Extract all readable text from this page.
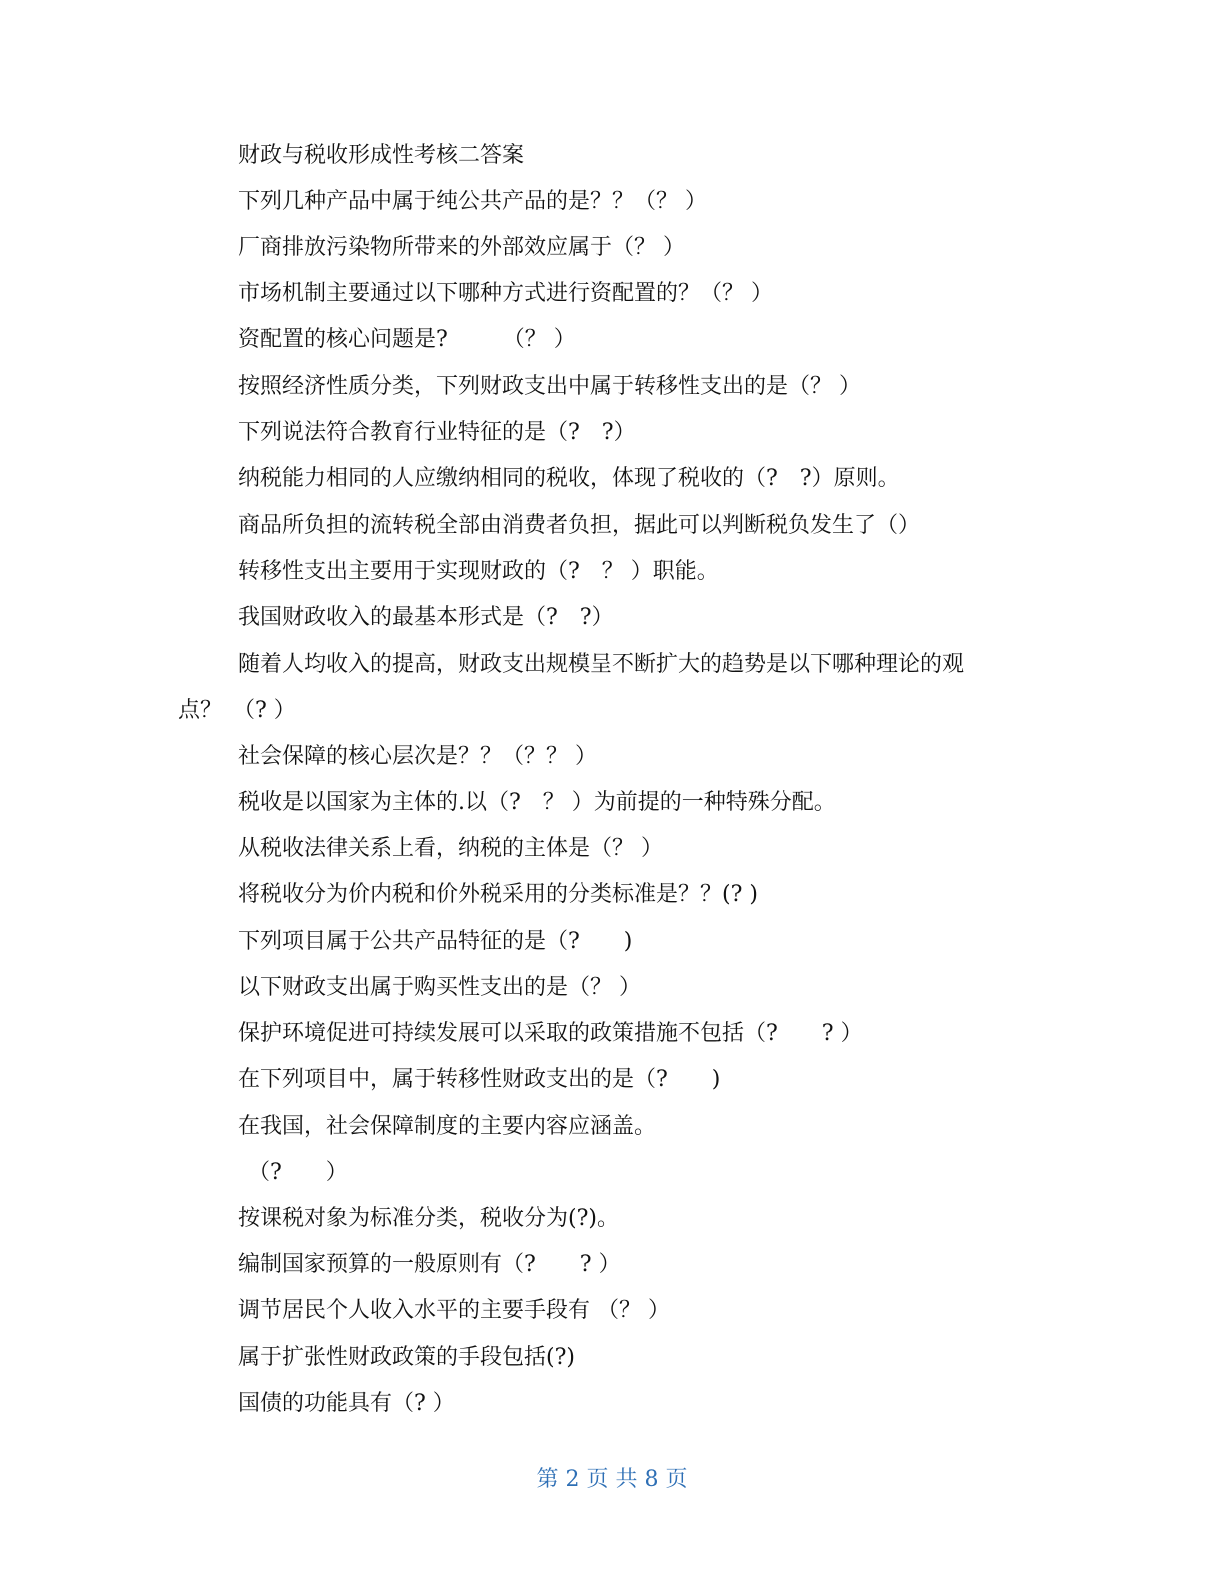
财政与税收形成性考核二答案
下列几种产品中属于纯公共产品的是？？（？ ）
厂商排放污染物所带来的外部效应属于（？ ）
市场机制主要通过以下哪种方式进行资配置的？（？ ）
资配置的核心问题是?　　　（？ ）
按照经济性质分类，下列财政支出中属于转移性支出的是（？ ）
下列说法符合教育行业特征的是（?　?）
纳税能力相同的人应缴纳相同的税收，体现了税收的（?　?）原则。
商品所负担的流转税全部由消费者负担，据此可以判断税负发生了（）
转移性支出主要用于实现财政的（?　？ ）职能。
我国财政收入的最基本形式是（?　?）
随着人均收入的提高，财政支出规模呈不断扩大的趋势是以下哪种理论的观
点？　（? ）
社会保障的核心层次是？？（？？ ）
税收是以国家为主体的.以（?　？ ）为前提的一种特殊分配。
从税收法律关系上看，纳税的主体是（？ ）
将税收分为价内税和价外税采用的分类标准是？？(? )
下列项目属于公共产品特征的是（?　　)
以下财政支出属于购买性支出的是（？ ）
保护环境促进可持续发展可以采取的政策措施不包括（?　　? ）
在下列项目中，属于转移性财政支出的是（?　　)
在我国，社会保障制度的主要内容应涵盖。
（?　　）
按课税对象为标准分类，税收分为(?)。
编制国家预算的一般原则有（?　　? ）
调节居民个人收入水平的主要手段有 （？ ）
属于扩张性财政政策的手段包括(?)
国债的功能具有（? ）
第 2 页 共 8 页
